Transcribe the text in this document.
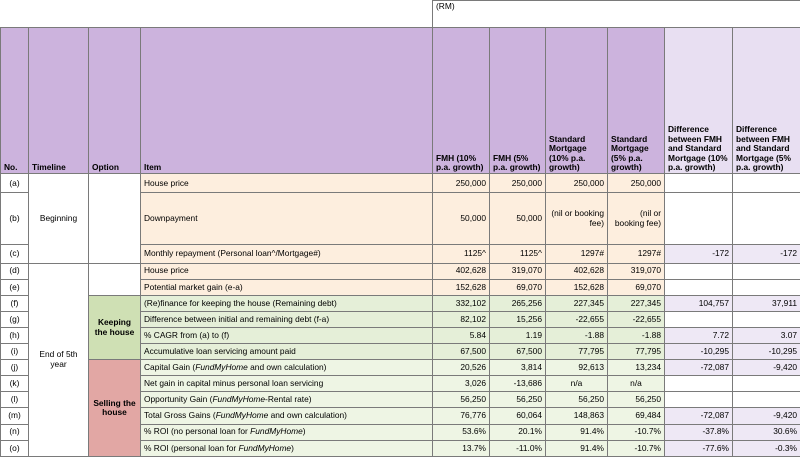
				(RM)					
No.	Timeline	Option	Item	FMH (10% p.a. growth)	FMH (5% p.a. growth)	Standard Mortgage (10% p.a. growth)	Standard Mortgage (5% p.a. growth)	Difference between FMH and Standard Mortgage (10% p.a. growth)	Difference between FMH and Standard Mortgage (5% p.a. growth)
(a)	Beginning		House price	250,000	250,000	250,000	250,000		
(b)			Downpayment	50,000	50,000	(nil or booking fee)	(nil or booking fee)		
(c)			Monthly repayment (Personal loan^/Mortgage#)	1125^	1125^	1297#	1297#	-172	-172
(d)	End of 5th year		House price	402,628	319,070	402,628	319,070		
(e)			Potential market gain (e-a)	152,628	69,070	152,628	69,070		
(f)		Keeping the house	(Re)finance for keeping the house (Remaining debt)	332,102	265,256	227,345	227,345	104,757	37,911
(g)			Difference between initial and remaining debt (f-a)	82,102	15,256	-22,655	-22,655		
(h)			% CAGR from (a) to (f)	5.84	1.19	-1.88	-1.88	7.72	3.07
(i)			Accumulative loan servicing amount paid	67,500	67,500	77,795	77,795	-10,295	-10,295
(j)		Selling the house	Capital Gain (FundMyHome and own calculation)	20,526	3,814	92,613	13,234	-72,087	-9,420
(k)			Net gain in capital minus personal loan servicing	3,026	-13,686	n/a	n/a		
(l)			Opportunity Gain (FundMyHome-Rental rate)	56,250	56,250	56,250	56,250		
(m)			Total Gross Gains (FundMyHome and own calculation)	76,776	60,064	148,863	69,484	-72,087	-9,420
(n)			% ROI (no personal loan for FundMyHome)	53.6%	20.1%	91.4%	-10.7%	-37.8%	30.6%
(o)			% ROI (personal loan for FundMyHome)	13.7%	-11.0%	91.4%	-10.7%	-77.6%	-0.3%
